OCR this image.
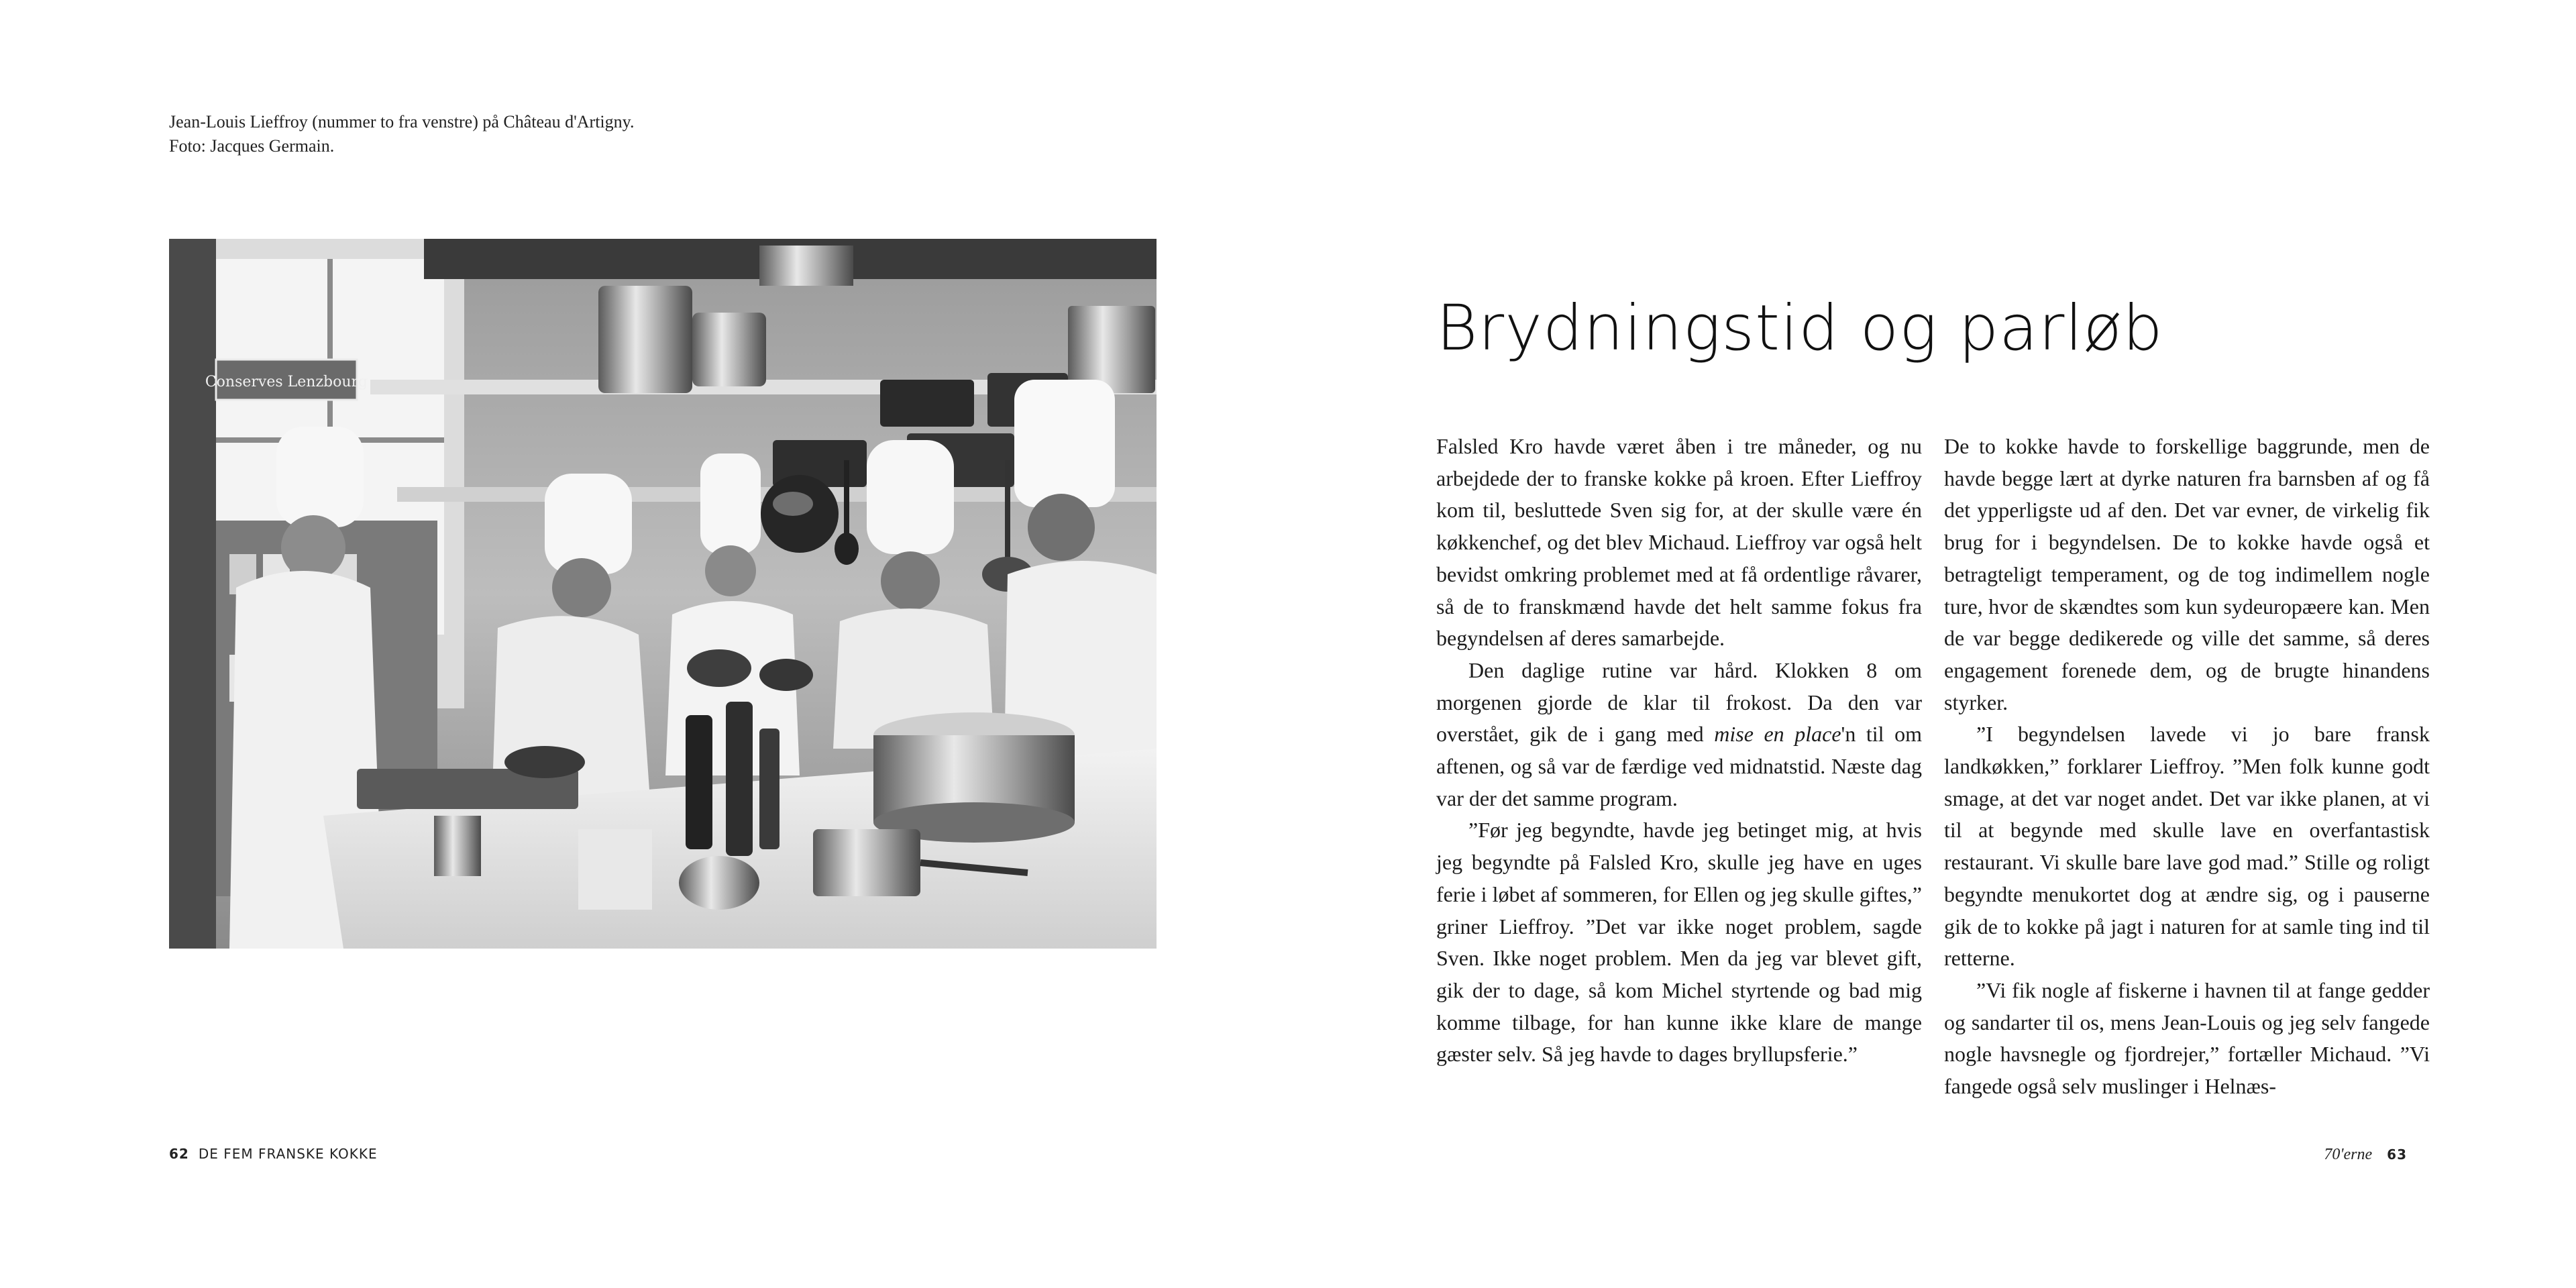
Jean-Louis Lieffroy (nummer to fra venstre) på Château d'Artigny. Foto: Jacques Germain.
Conserves Lenzbourg
62 DE FEM FRANSKE KOKKE
Brydningstid og parløb

Falsled Kro havde været åben i tre måneder, og nu arbejdede der to franske kokke på kroen. Efter Lieffroy kom til, besluttede Sven sig for, at der skulle være én køkkenchef, og det blev Michaud. Lieffroy var også helt bevidst omkring problemet med at få ordentlige råvarer, så de to franskmænd havde det helt samme fokus fra begyndelsen af deres samarbejde.

Den daglige rutine var hård. Klokken 8 om morgenen gjorde de klar til frokost. Da den var overstået, gik de i gang med mise en place'n til om aftenen, og så var de færdige ved midnatstid. Næste dag var der det samme program.

”Før jeg begyndte, havde jeg betinget mig, at hvis jeg begyndte på Falsled Kro, skulle jeg have en uges ferie i løbet af sommeren, for Ellen og jeg skulle giftes,” griner Lieffroy. ”Det var ikke noget problem, sagde Sven. Ikke noget problem. Men da jeg var blevet gift, gik der to dage, så kom Michel styrtende og bad mig komme tilbage, for han kunne ikke klare de mange gæster selv. Så jeg havde to dages bryllupsferie.”

De to kokke havde to forskellige baggrunde, men de havde begge lært at dyrke naturen fra barnsben af og få det ypperligste ud af den. Det var evner, de virkelig fik brug for i begyndelsen. De to kokke havde også et betragteligt temperament, og de tog indimellem nogle ture, hvor de skændtes som kun sydeuropæere kan. Men de var begge dedikerede og ville det samme, så deres engagement forenede dem, og de brugte hinandens styrker.

”I begyndelsen lavede vi jo bare fransk landkøkken,” forklarer Lieffroy. ”Men folk kunne godt smage, at det var noget andet. Det var ikke planen, at vi til at begynde med skulle lave en overfantastisk restaurant. Vi skulle bare lave god mad.” Stille og roligt begyndte menukortet dog at ændre sig, og i pauserne gik de to kokke på jagt i naturen for at samle ting ind til retterne.

”Vi fik nogle af fiskerne i havnen til at fange gedder og sandarter til os, mens Jean-Louis og jeg selv fangede nogle havsnegle og fjordrejer,” fortæller Michaud. ”Vi fangede også selv muslinger i Helnæs-

70'erne 63
